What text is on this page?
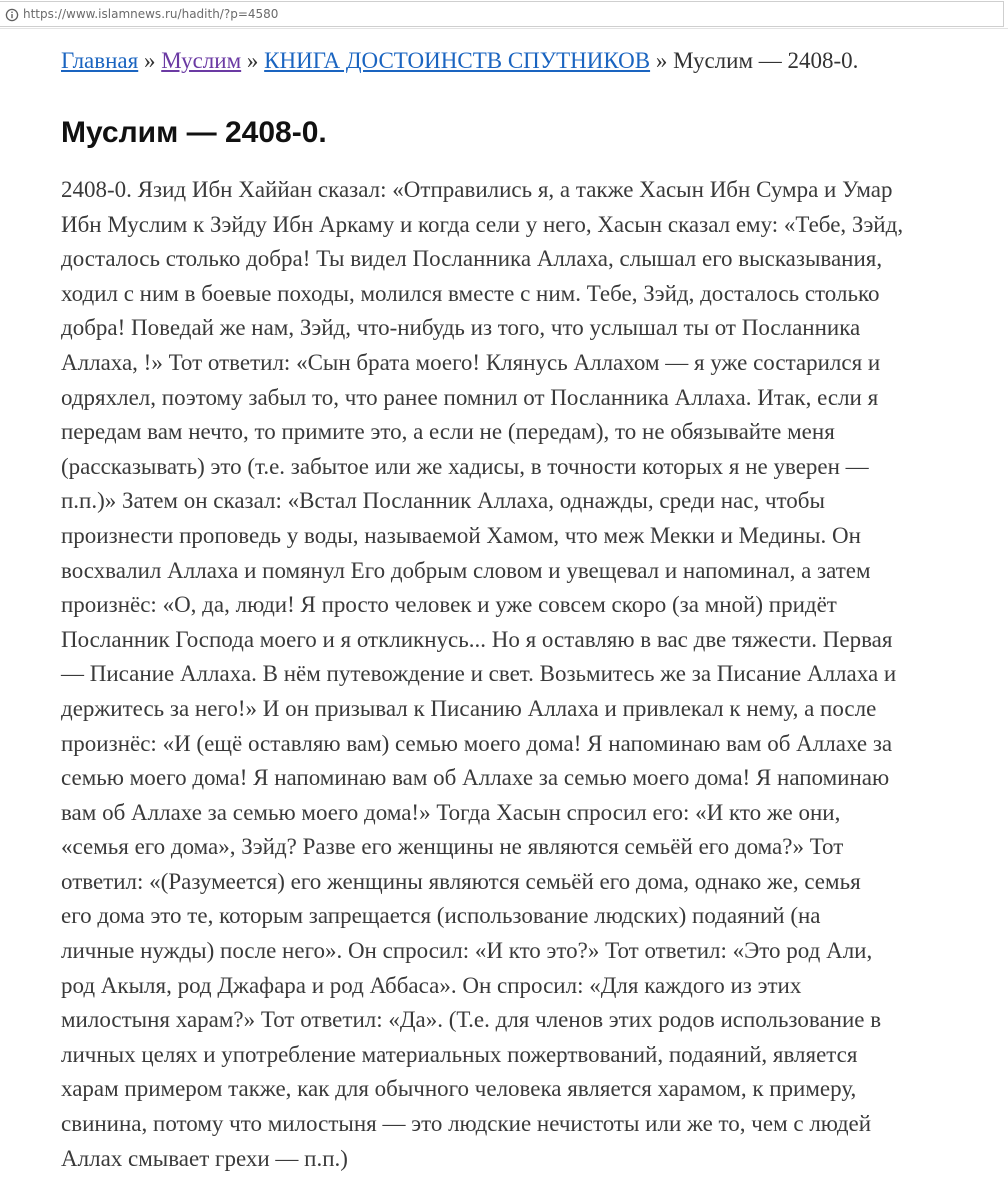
https://www.islamnews.ru/hadith/?p=4580
Главная » Муслим » КНИГА ДОСТОИНСТВ СПУТНИКОВ » Муслим — 2408-0.
Муслим — 2408-0.
2408-0. Язид Ибн Хаййан сказал: «Отправились я, а также Хасын Ибн Сумра и Умар
Ибн Муслим к Зэйду Ибн Аркаму и когда сели у него, Хасын сказал ему: «Тебе, Зэйд,
досталось столько добра! Ты видел Посланника Аллаха, слышал его высказывания,
ходил с ним в боевые походы, молился вместе с ним. Тебе, Зэйд, досталось столько
добра! Поведай же нам, Зэйд, что-нибудь из того, что услышал ты от Посланника
Аллаха, !» Тот ответил: «Сын брата моего! Клянусь Аллахом — я уже состарился и
одряхлел, поэтому забыл то, что ранее помнил от Посланника Аллаха. Итак, если я
передам вам нечто, то примите это, а если не (передам), то не обязывайте меня
(рассказывать) это (т.е. забытое или же хадисы, в точности которых я не уверен —
п.п.)» Затем он сказал: «Встал Посланник Аллаха, однажды, среди нас, чтобы
произнести проповедь у воды, называемой Хамом, что меж Мекки и Медины. Он
восхвалил Аллаха и помянул Его добрым словом и увещевал и напоминал, а затем
произнёс: «О, да, люди! Я просто человек и уже совсем скоро (за мной) придёт
Посланник Господа моего и я откликнусь... Но я оставляю в вас две тяжести. Первая
— Писание Аллаха. В нём путевождение и свет. Возьмитесь же за Писание Аллаха и
держитесь за него!» И он призывал к Писанию Аллаха и привлекал к нему, а после
произнёс: «И (ещё оставляю вам) семью моего дома! Я напоминаю вам об Аллахе за
семью моего дома! Я напоминаю вам об Аллахе за семью моего дома! Я напоминаю
вам об Аллахе за семью моего дома!» Тогда Хасын спросил его: «И кто же они,
«семья его дома», Зэйд? Разве его женщины не являются семьёй его дома?» Тот
ответил: «(Разумеется) его женщины являются семьёй его дома, однако же, семья
его дома это те, которым запрещается (использование людских) подаяний (на
личные нужды) после него». Он спросил: «И кто это?» Тот ответил: «Это род Али,
род Акыля, род Джафара и род Аббаса». Он спросил: «Для каждого из этих
милостыня харам?» Тот ответил: «Да». (Т.е. для членов этих родов использование в
личных целях и употребление материальных пожертвований, подаяний, является
харам примером также, как для обычного человека является харамом, к примеру,
свинина, потому что милостыня — это людские нечистоты или же то, чем с людей
Аллах смывает грехи — п.п.)
